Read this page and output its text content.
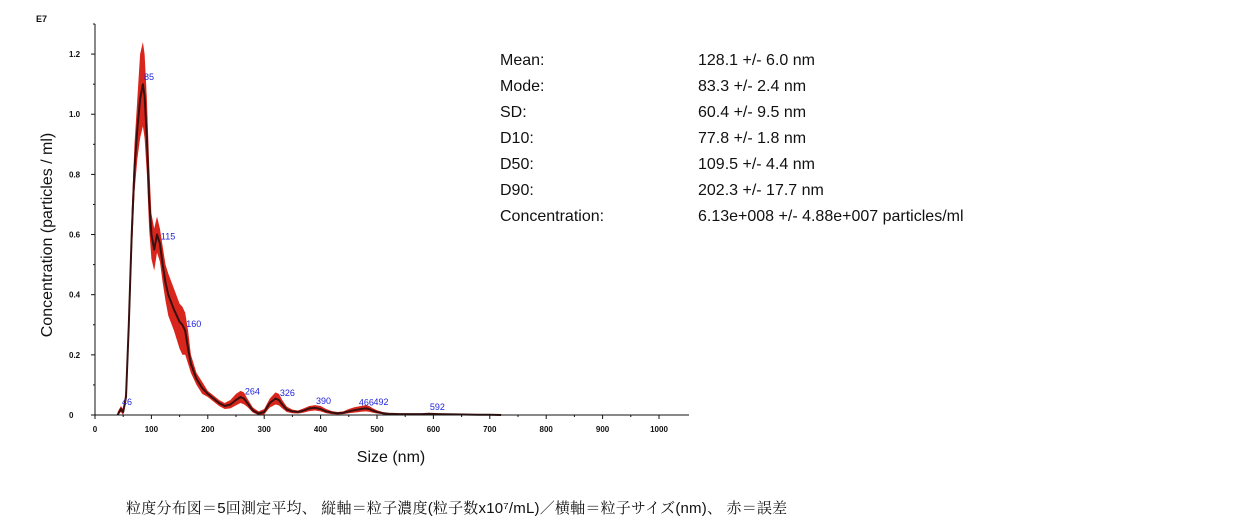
46
85
115
160
264 326
390	466 492	592
0	100	200	300	400	500	600	700	800	900	1000
0
0.2
0.4
0.6
0.8
1.0
1.2
E7
Size (nm)
Concentration (particles / ml)
Mean:	128.1 +/- 6.0 nm
Mode:	83.3 +/- 2.4 nm
SD:	60.4 +/- 9.5 nm
D10:	77.8 +/- 1.8 nm
D50:	109.5 +/- 4.4 nm
D90:	202.3 +/- 17.7 nm
Concentration:	6.13e+008 +/- 4.88e+007 particles/ml
粒度分布図＝5回測定平均、 縦軸＝粒子濃度(粒子数x10⁷/mL)／横軸＝粒子サイズ(nm)、 赤＝誤差
